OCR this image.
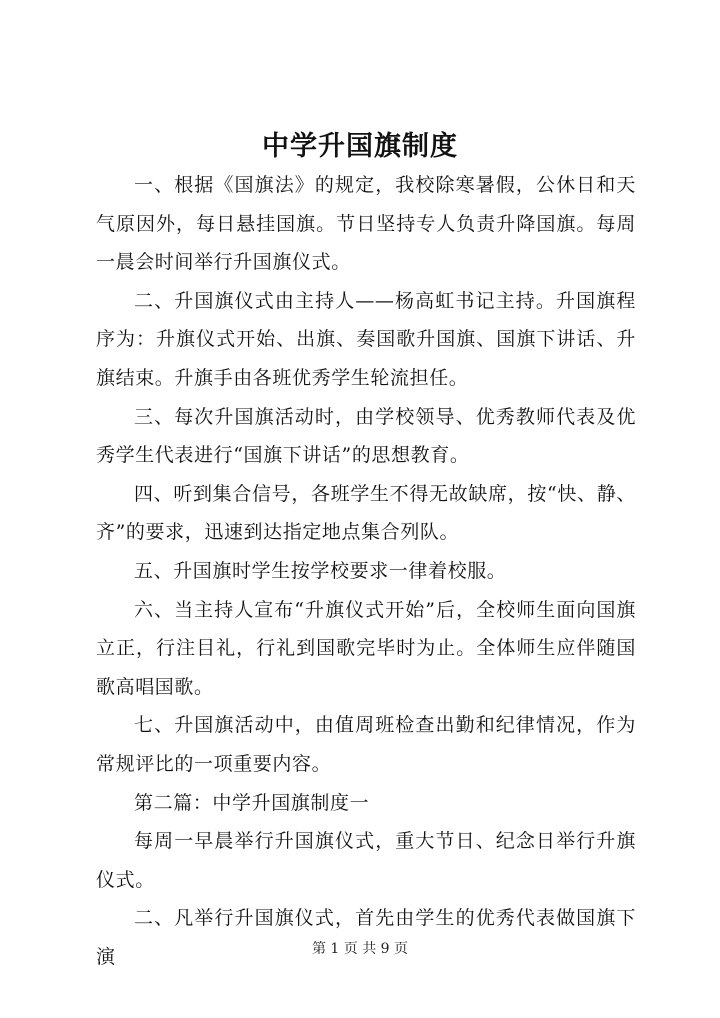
中学升国旗制度

一、根据《国旗法》的规定，我校除寒暑假，公休日和天气原因外，每日悬挂国旗。节日坚持专人负责升降国旗。每周一晨会时间举行升国旗仪式。

二、升国旗仪式由主持人——杨高虹书记主持。升国旗程序为：升旗仪式开始、出旗、奏国歌升国旗、国旗下讲话、升旗结束。升旗手由各班优秀学生轮流担任。

三、每次升国旗活动时，由学校领导、优秀教师代表及优秀学生代表进行“国旗下讲话”的思想教育。

四、听到集合信号，各班学生不得无故缺席，按“快、静、齐”的要求，迅速到达指定地点集合列队。

五、升国旗时学生按学校要求一律着校服。

六、当主持人宣布“升旗仪式开始”后，全校师生面向国旗立正，行注目礼，行礼到国歌完毕时为止。全体师生应伴随国歌高唱国歌。

七、升国旗活动中，由值周班检查出勤和纪律情况，作为常规评比的一项重要内容。

第二篇：中学升国旗制度一

每周一早晨举行升国旗仪式，重大节日、纪念日举行升旗仪式。

二、凡举行升国旗仪式，首先由学生的优秀代表做国旗下演	第 1 页 共 9 页
